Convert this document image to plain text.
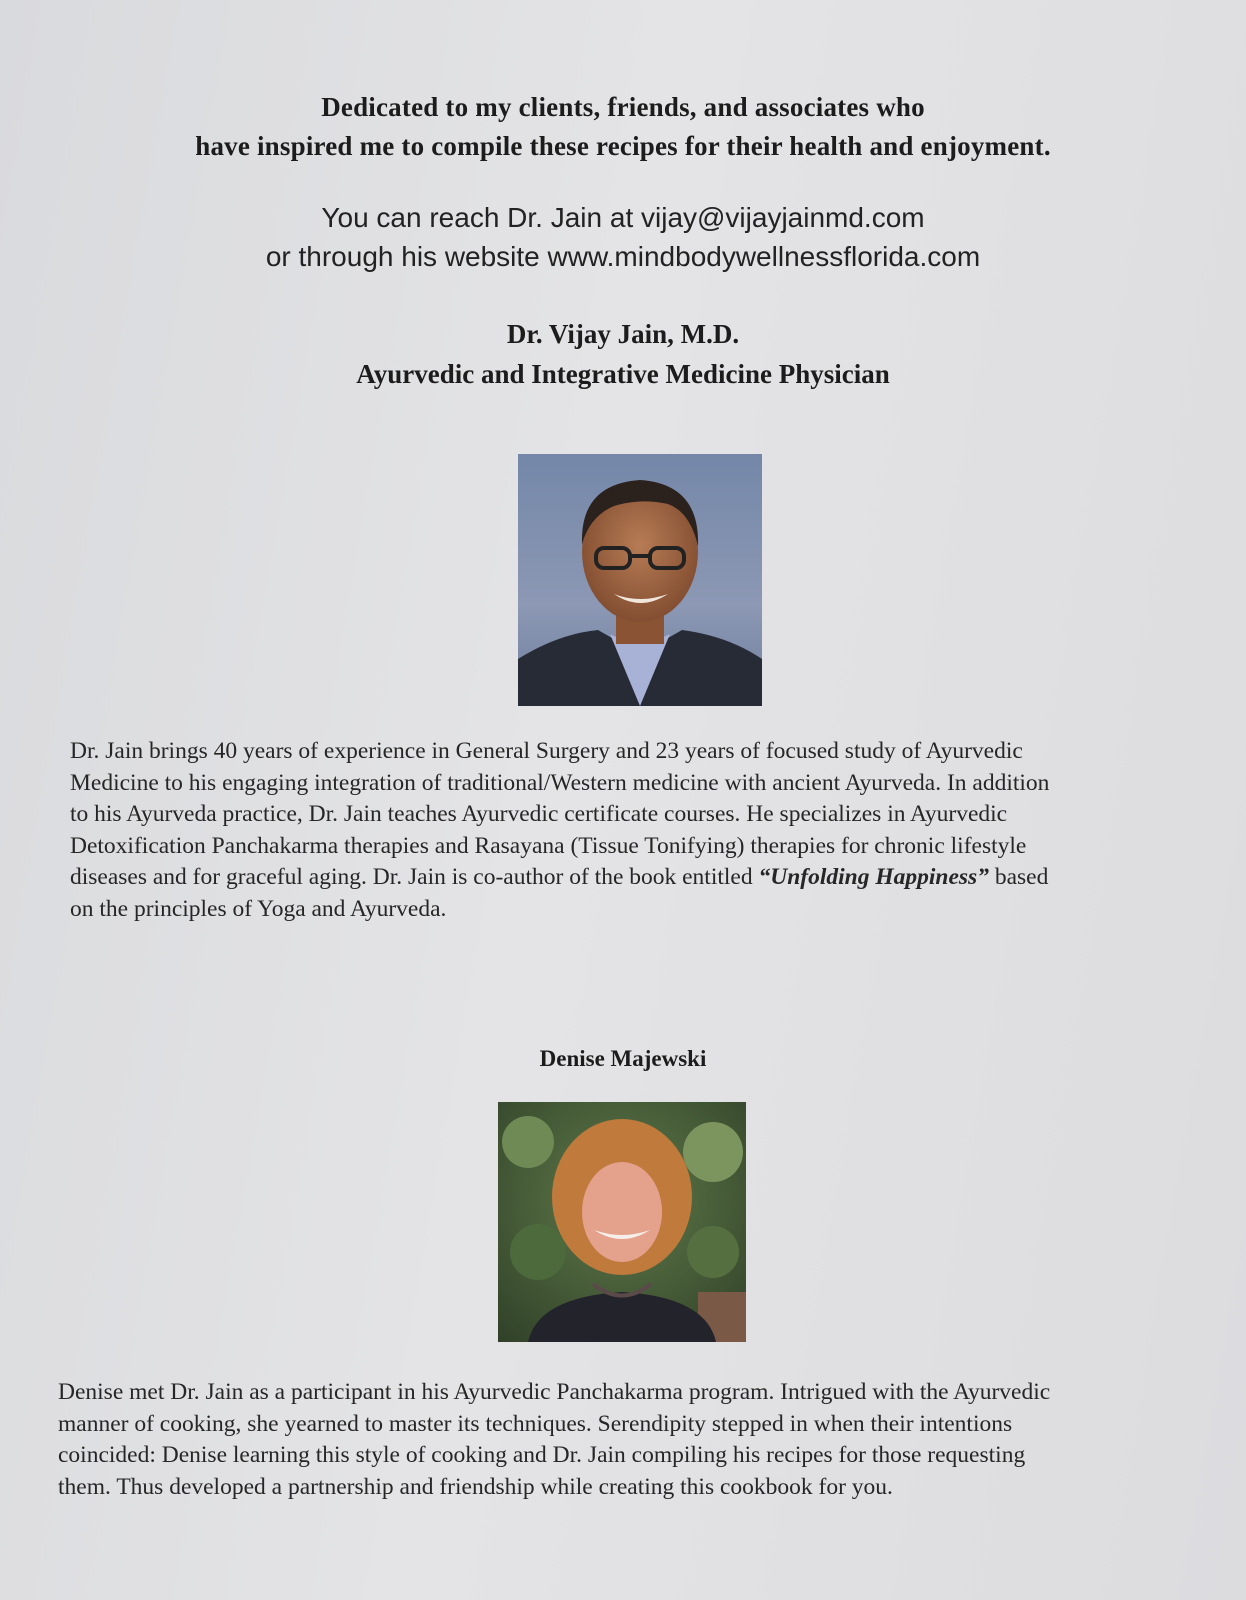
Dedicated to my clients, friends, and associates who
have inspired me to compile these recipes for their health and enjoyment.
You can reach Dr. Jain at vijay@vijayjainmd.com
or through his website www.mindbodywellnessflorida.com
Dr. Vijay Jain, M.D.
Ayurvedic and Integrative Medicine Physician
Dr. Jain brings 40 years of experience in General Surgery and 23 years of focused study of Ayurvedic
Medicine to his engaging integration of traditional/Western medicine with ancient Ayurveda. In addition
to his Ayurveda practice, Dr. Jain teaches Ayurvedic certificate courses. He specializes in Ayurvedic
Detoxification Panchakarma therapies and Rasayana (Tissue Tonifying) therapies for chronic lifestyle
diseases and for graceful aging. Dr. Jain is co-author of the book entitled “Unfolding Happiness” based
on the principles of Yoga and Ayurveda.
Denise Majewski
Denise met Dr. Jain as a participant in his Ayurvedic Panchakarma program. Intrigued with the Ayurvedic
manner of cooking, she yearned to master its techniques. Serendipity stepped in when their intentions
coincided: Denise learning this style of cooking and Dr. Jain compiling his recipes for those requesting
them. Thus developed a partnership and friendship while creating this cookbook for you.
